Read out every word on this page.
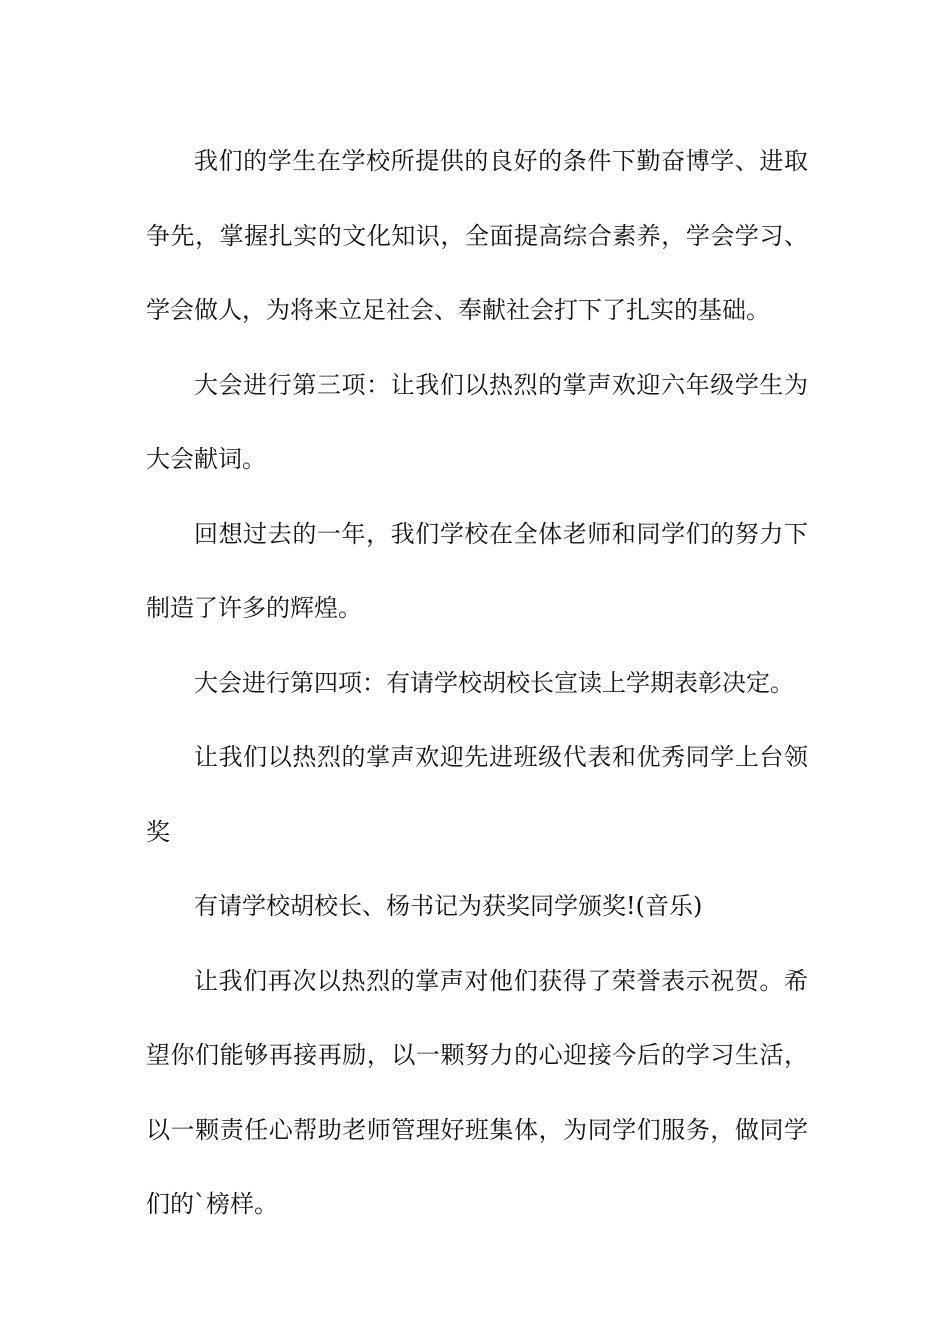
我们的学生在学校所提供的良好的条件下勤奋博学、进取争先，掌握扎实的文化知识，全面提高综合素养，学会学习、学会做人，为将来立足社会、奉献社会打下了扎实的基础。

大会进行第三项：让我们以热烈的掌声欢迎六年级学生为大会献词。

回想过去的一年，我们学校在全体老师和同学们的努力下制造了许多的辉煌。

大会进行第四项：有请学校胡校长宣读上学期表彰决定。

让我们以热烈的掌声欢迎先进班级代表和优秀同学上台领奖

有请学校胡校长、杨书记为获奖同学颁奖!(音乐)

让我们再次以热烈的掌声对他们获得了荣誉表示祝贺。希望你们能够再接再励，以一颗努力的心迎接今后的学习生活，以一颗责任心帮助老师管理好班集体，为同学们服务，做同学们的`榜样。
